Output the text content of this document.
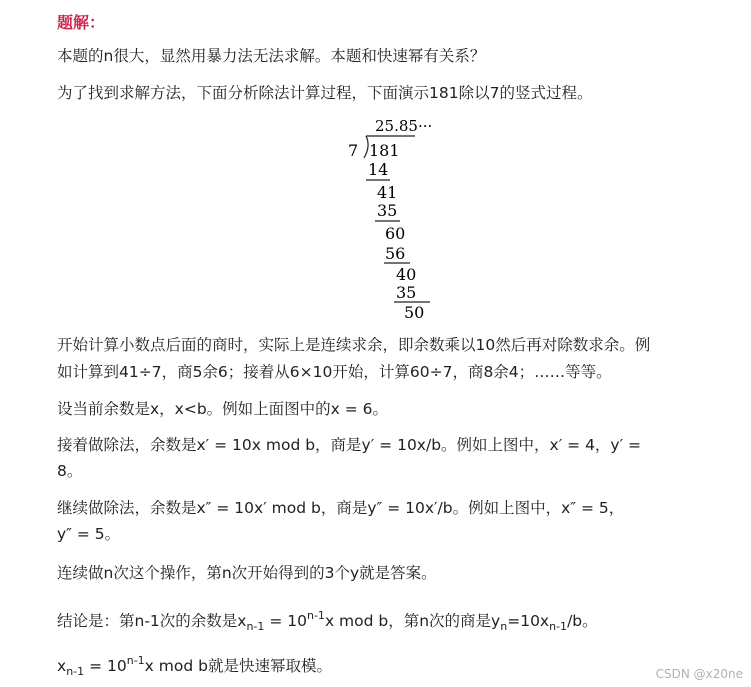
题解：
本题的n很大，显然用暴力法无法求解。本题和快速幂有关系？
为了找到求解方法，下面分析除法计算过程，下面演示181除以7的竖式过程。
25.85···
7 181
14
41
35
60
56
40
35
50
开始计算小数点后面的商时，实际上是连续求余，即余数乘以10然后再对除数求余。例
如计算到41÷7，商5余6；接着从6×10开始，计算60÷7，商8余4；……等等。
设当前余数是x，x<b。例如上面图中的x = 6。
接着做除法，余数是x′ = 10x mod b，商是y′ = 10x/b。例如上图中，x′ = 4，y′ =
8。
继续做除法，余数是x″ = 10x′ mod b，商是y″ = 10x′/b。例如上图中，x″ = 5，
y″ = 5。
连续做n次这个操作，第n次开始得到的3个y就是答案。
结论是：第n-1次的余数是$x_{n-1} = 10^{n-1}x$ mod b，第n次的商是$y_n=10x_{n-1}/b$。
$x_{n-1} = 10^{n-1}x$ mod b就是快速幂取模。	CSDN @x20ne
